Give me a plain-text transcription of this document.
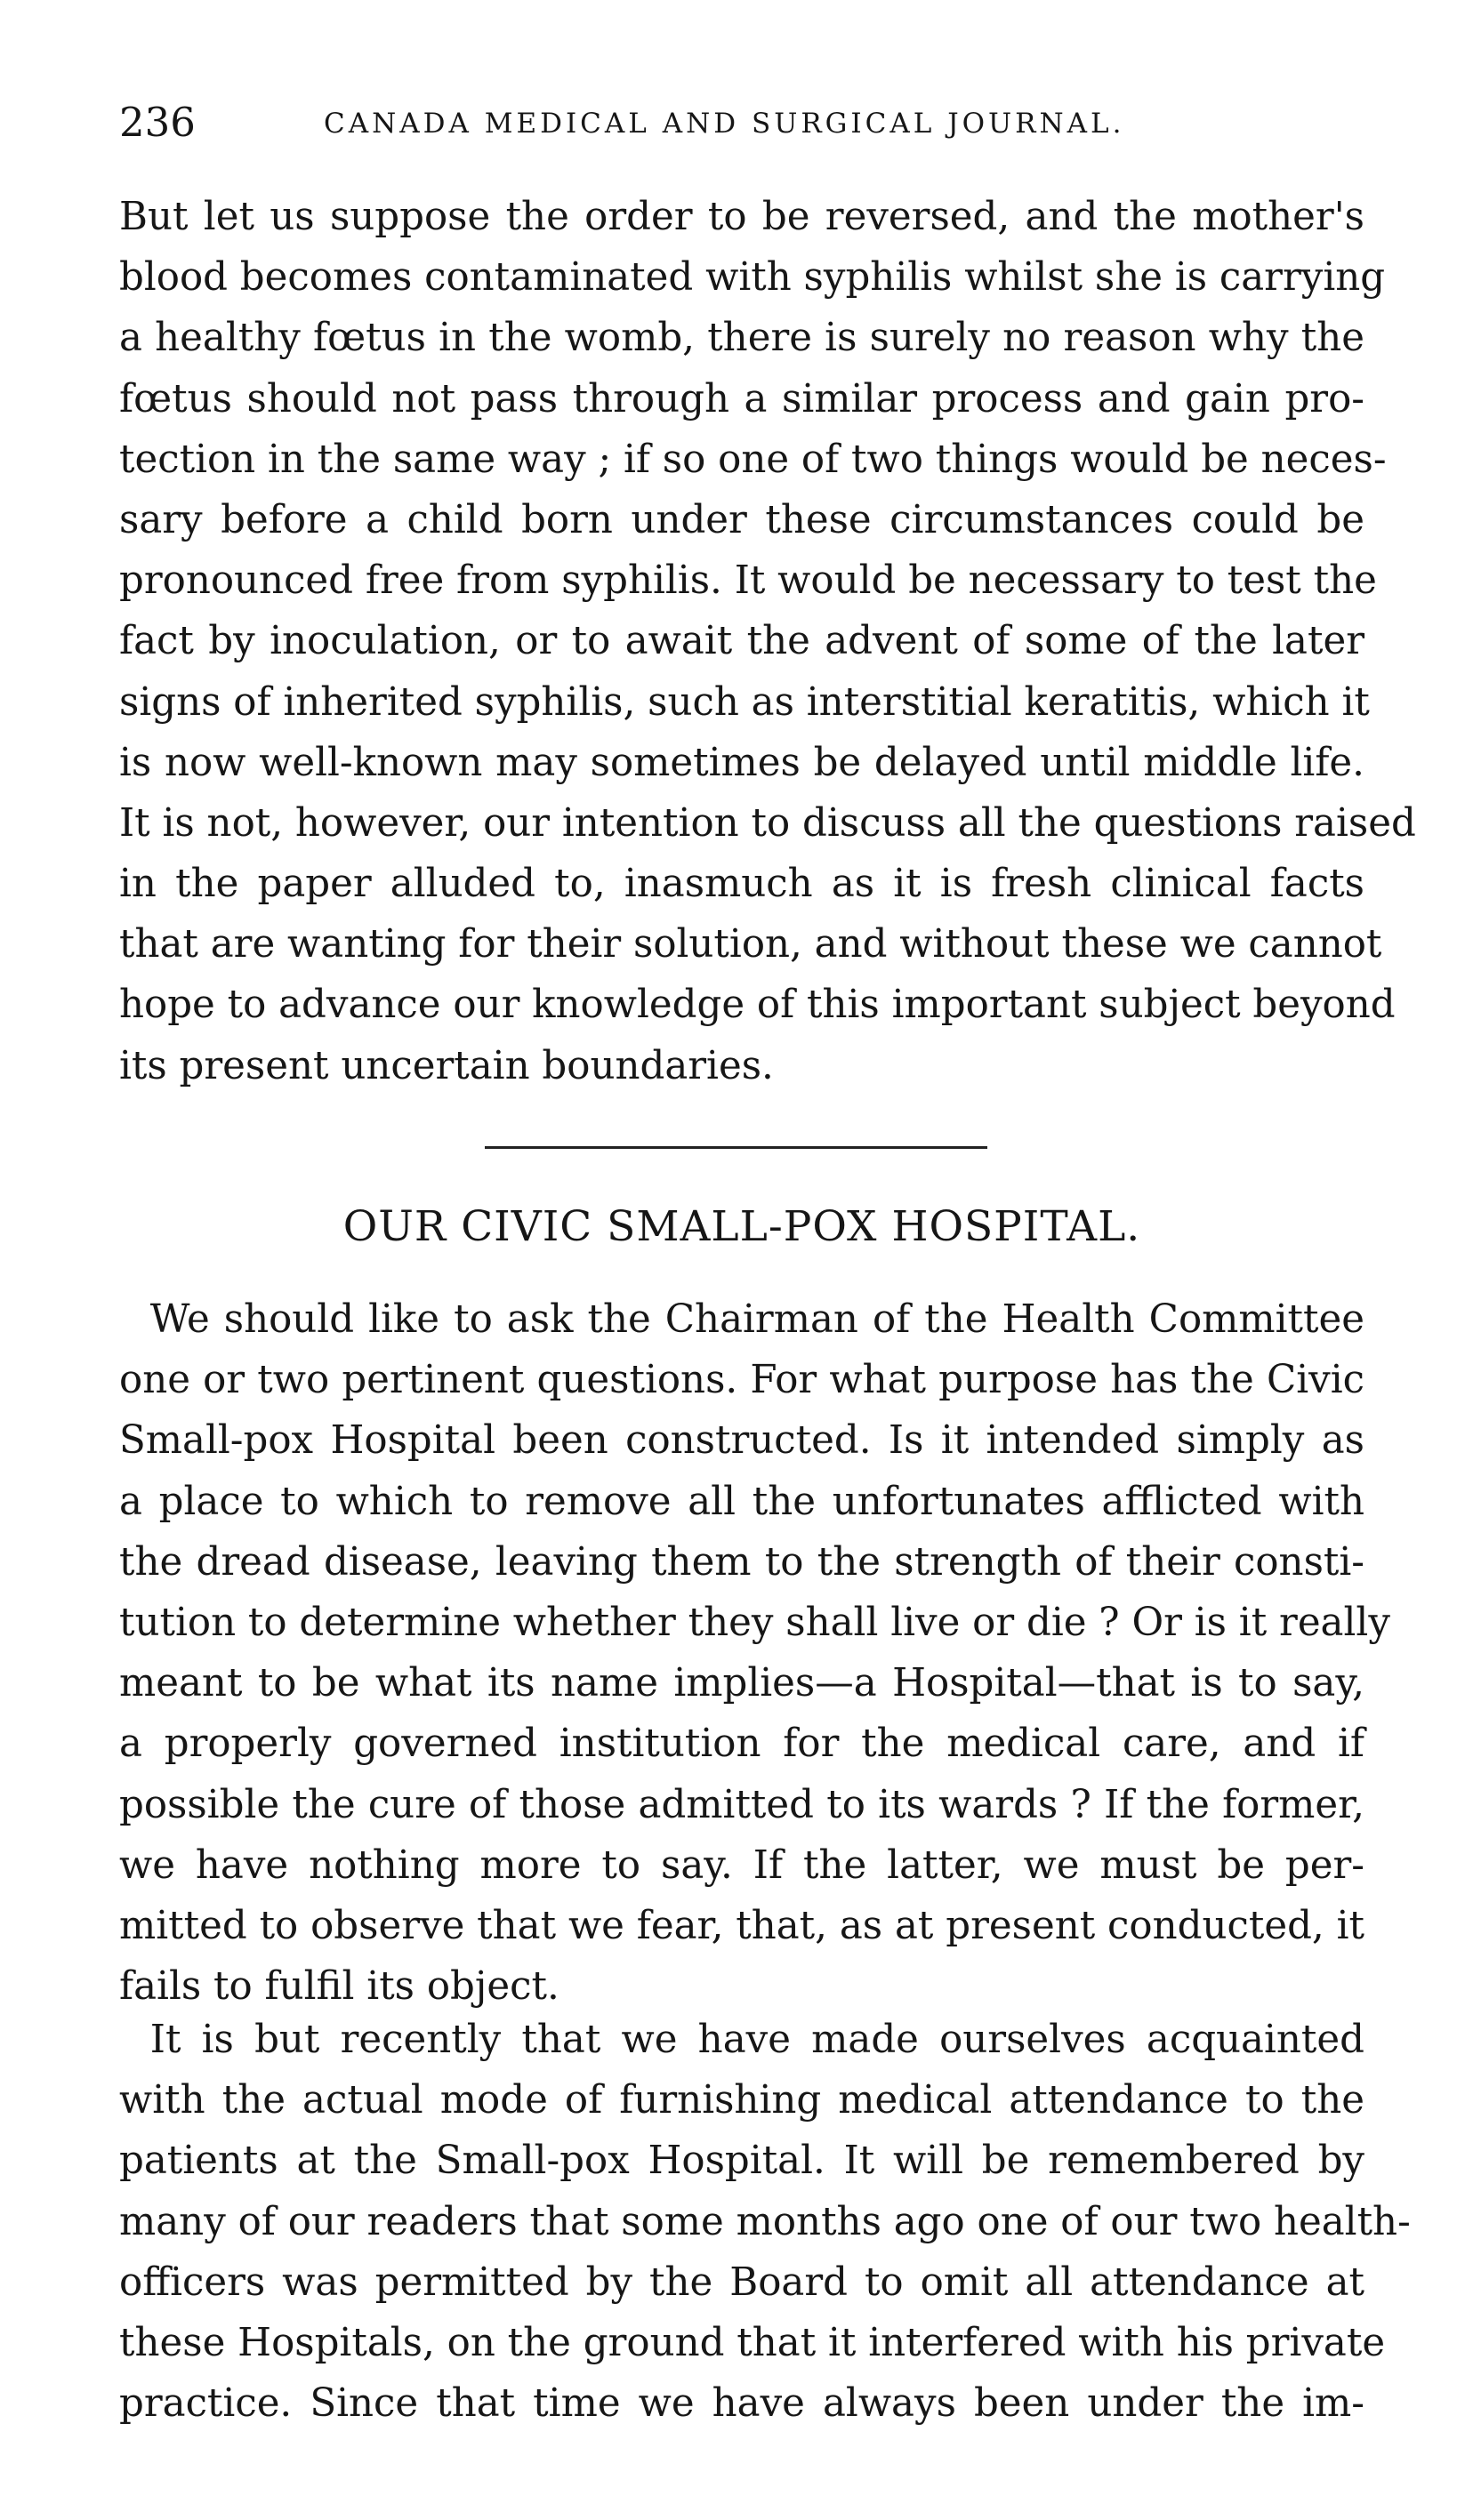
236	CANADA MEDICAL AND SURGICAL JOURNAL.

But let us suppose the order to be reversed, and the mother's
blood becomes contaminated with syphilis whilst she is carrying
a healthy fœtus in the womb, there is surely no reason why the
fœtus should not pass through a similar process and gain pro-
tection in the same way ; if so one of two things would be neces-
sary before a child born under these circumstances could be
pronounced free from syphilis. It would be necessary to test the
fact by inoculation, or to await the advent of some of the later
signs of inherited syphilis, such as interstitial keratitis, which it
is now well-known may sometimes be delayed until middle life.
It is not, however, our intention to discuss all the questions raised
in the paper alluded to, inasmuch as it is fresh clinical facts
that are wanting for their solution, and without these we cannot
hope to advance our knowledge of this important subject beyond
its present uncertain boundaries.

OUR CIVIC SMALL-POX HOSPITAL.

We should like to ask the Chairman of the Health Committee
one or two pertinent questions. For what purpose has the Civic
Small-pox Hospital been constructed. Is it intended simply as
a place to which to remove all the unfortunates afflicted with
the dread disease, leaving them to the strength of their consti-
tution to determine whether they shall live or die ? Or is it really
meant to be what its name implies—a Hospital—that is to say,
a properly governed institution for the medical care, and if
possible the cure of those admitted to its wards ? If the former,
we have nothing more to say. If the latter, we must be per-
mitted to observe that we fear, that, as at present conducted, it
fails to fulfil its object.

It is but recently that we have made ourselves acquainted
with the actual mode of furnishing medical attendance to the
patients at the Small-pox Hospital. It will be remembered by
many of our readers that some months ago one of our two health-
officers was permitted by the Board to omit all attendance at
these Hospitals, on the ground that it interfered with his private
practice. Since that time we have always been under the im-
